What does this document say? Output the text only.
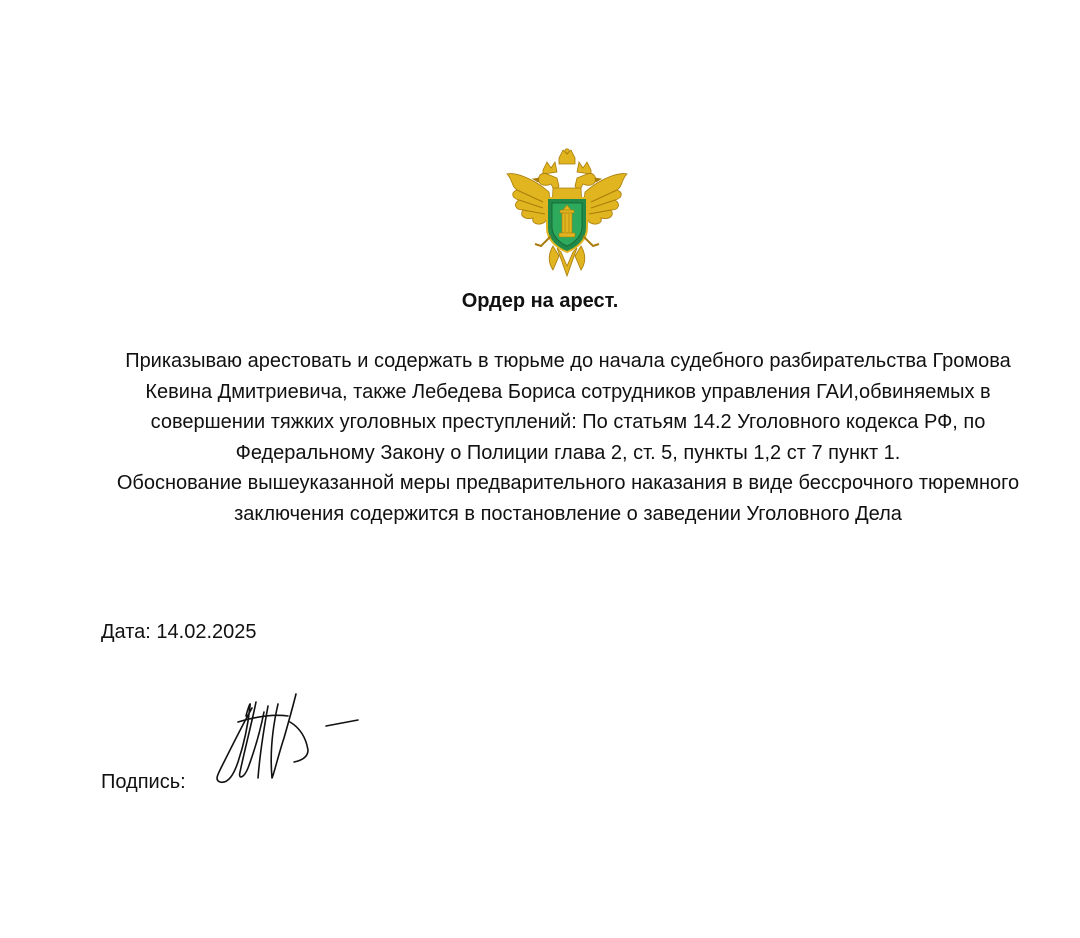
Ордер на арест.

Приказываю арестовать и содержать в тюрьме до начала судебного разбирательства Громова Кевина Дмитриевича, также Лебедева Бориса сотрудников управления ГАИ,обвиняемых в совершении тяжких уголовных преступлений: По статьям 14.2 Уголовного кодекса РФ, по Федеральному Закону о Полиции глава 2, ст. 5, пункты 1,2 ст 7 пункт 1.

Обоснование вышеуказанной меры предварительного наказания в виде бессрочного тюремного заключения содержится в постановление о заведении Уголовного Дела

Дата: 14.02.2025
Подпись:
